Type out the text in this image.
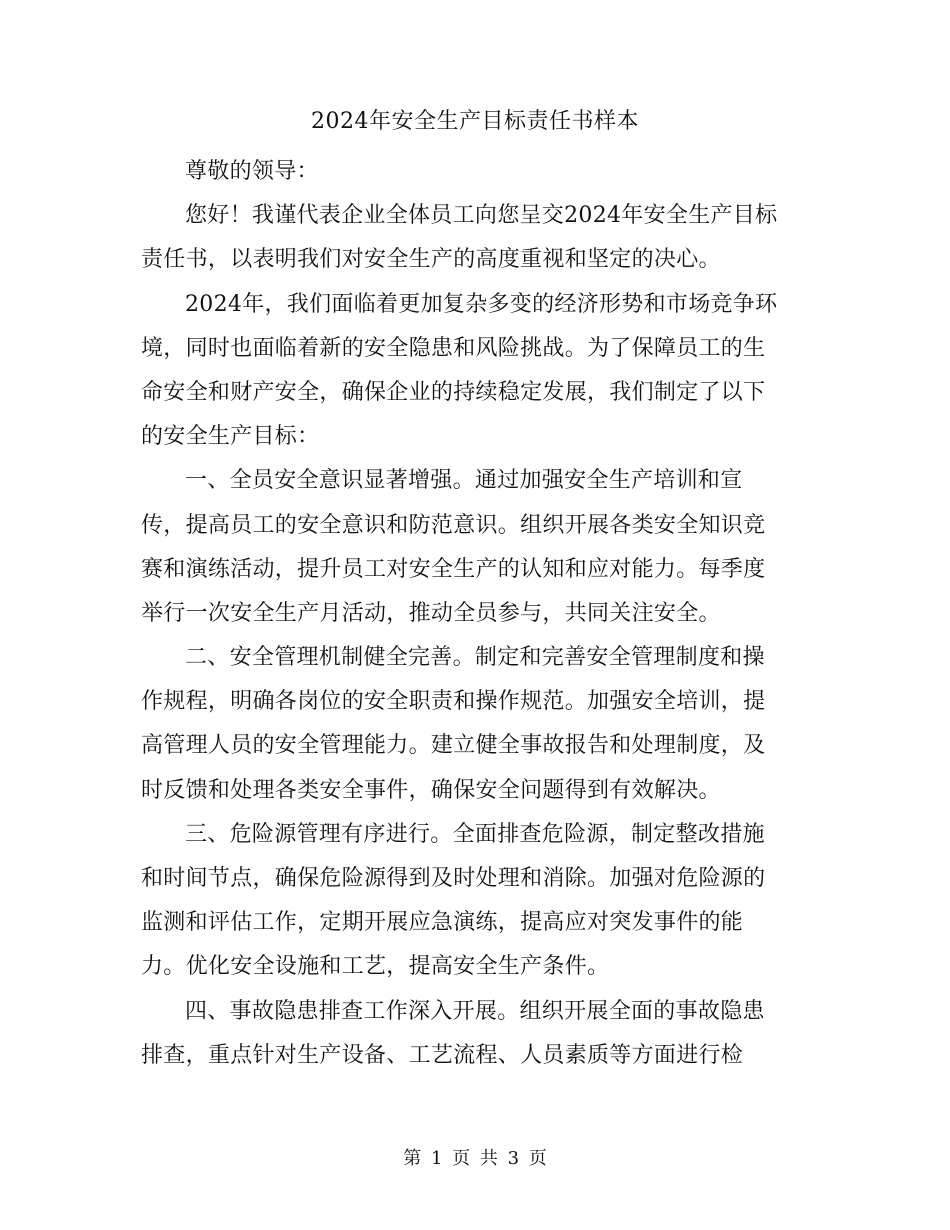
2024年安全生产目标责任书样本
尊敬的领导：
您好！我谨代表企业全体员工向您呈交2024年安全生产目标
责任书，以表明我们对安全生产的高度重视和坚定的决心。
2024年，我们面临着更加复杂多变的经济形势和市场竞争环
境，同时也面临着新的安全隐患和风险挑战。为了保障员工的生
命安全和财产安全，确保企业的持续稳定发展，我们制定了以下
的安全生产目标：
一、全员安全意识显著增强。通过加强安全生产培训和宣
传，提高员工的安全意识和防范意识。组织开展各类安全知识竞
赛和演练活动，提升员工对安全生产的认知和应对能力。每季度
举行一次安全生产月活动，推动全员参与，共同关注安全。
二、安全管理机制健全完善。制定和完善安全管理制度和操
作规程，明确各岗位的安全职责和操作规范。加强安全培训，提
高管理人员的安全管理能力。建立健全事故报告和处理制度，及
时反馈和处理各类安全事件，确保安全问题得到有效解决。
三、危险源管理有序进行。全面排查危险源，制定整改措施
和时间节点，确保危险源得到及时处理和消除。加强对危险源的
监测和评估工作，定期开展应急演练，提高应对突发事件的能
力。优化安全设施和工艺，提高安全生产条件。
四、事故隐患排查工作深入开展。组织开展全面的事故隐患
排查，重点针对生产设备、工艺流程、人员素质等方面进行检
第 1 页 共 3 页
